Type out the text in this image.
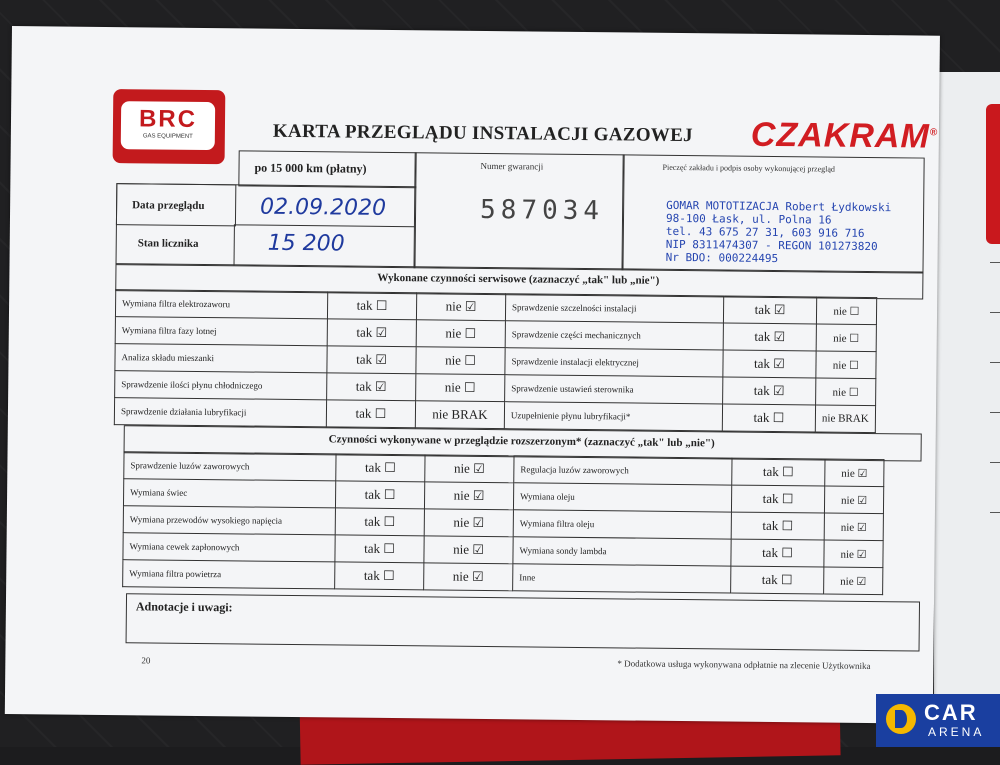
BRC
GAS EQUIPMENT	KARTA PRZEGLĄDU INSTALACJI GAZOWEJ CZAKRAM®
po 15 000 km (płatny)
Data przeglądu	02.09.2020
Stan licznika	15 200
Numer gwarancji
587034
Pieczęć zakładu i podpis osoby wykonującej przegląd
GOMAR MOTOTIZACJA Robert Łydkowski
98-100 Łask, ul. Polna 16
tel. 43 675 27 31, 603 916 716
NIP 8311474307 - REGON 101273820
Nr BDO: 000224495
Wykonane czynności serwisowe (zaznaczyć „tak" lub „nie")
Wymiana filtra elektrozaworu	tak ☐	nie ☑	Sprawdzenie szczelności instalacji	tak ☑	nie ☐
Wymiana filtra fazy lotnej	tak ☑	nie ☐	Sprawdzenie części mechanicznych	tak ☑	nie ☐
Analiza składu mieszanki	tak ☑	nie ☐	Sprawdzenie instalacji elektrycznej	tak ☑	nie ☐
Sprawdzenie ilości płynu chłodniczego	tak ☑	nie ☐	Sprawdzenie ustawień sterownika	tak ☑	nie ☐
Sprawdzenie działania lubryfikacji	tak ☐	nie BRAK	Uzupełnienie płynu lubryfikacji*	tak ☐	nie BRAK
Czynności wykonywane w przeglądzie rozszerzonym* (zaznaczyć „tak" lub „nie")
Sprawdzenie luzów zaworowych	tak ☐	nie ☑	Regulacja luzów zaworowych	tak ☐	nie ☑
Wymiana świec	tak ☐	nie ☑	Wymiana oleju	tak ☐	nie ☑
Wymiana przewodów wysokiego napięcia	tak ☐	nie ☑	Wymiana filtra oleju	tak ☐	nie ☑
Wymiana cewek zapłonowych	tak ☐	nie ☑	Wymiana sondy lambda	tak ☐	nie ☑
Wymiana filtra powietrza	tak ☐	nie ☑	Inne	tak ☐	nie ☑
Adnotacje i uwagi:
20	* Dodatkowa usługa wykonywana odpłatnie na zlecenie Użytkownika
CAR
ARENA
